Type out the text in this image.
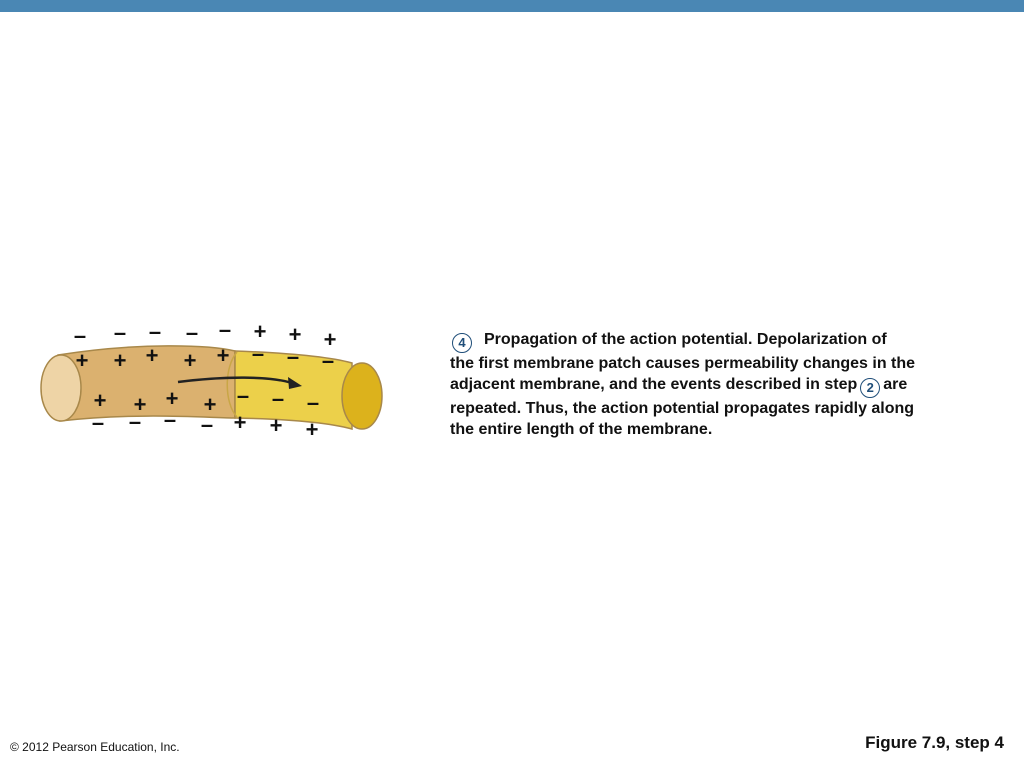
– – – – – + + +
+ + + + + – – –
+ + + + – – –
– – – – + + +
4 Propagation of the action potential. Depolarization of
the first membrane patch causes permeability changes in the
adjacent membrane, and the events described in step 2 are
repeated. Thus, the action potential propagates rapidly along
the entire length of the membrane.
© 2012 Pearson Education, Inc.	Figure 7.9, step 4
